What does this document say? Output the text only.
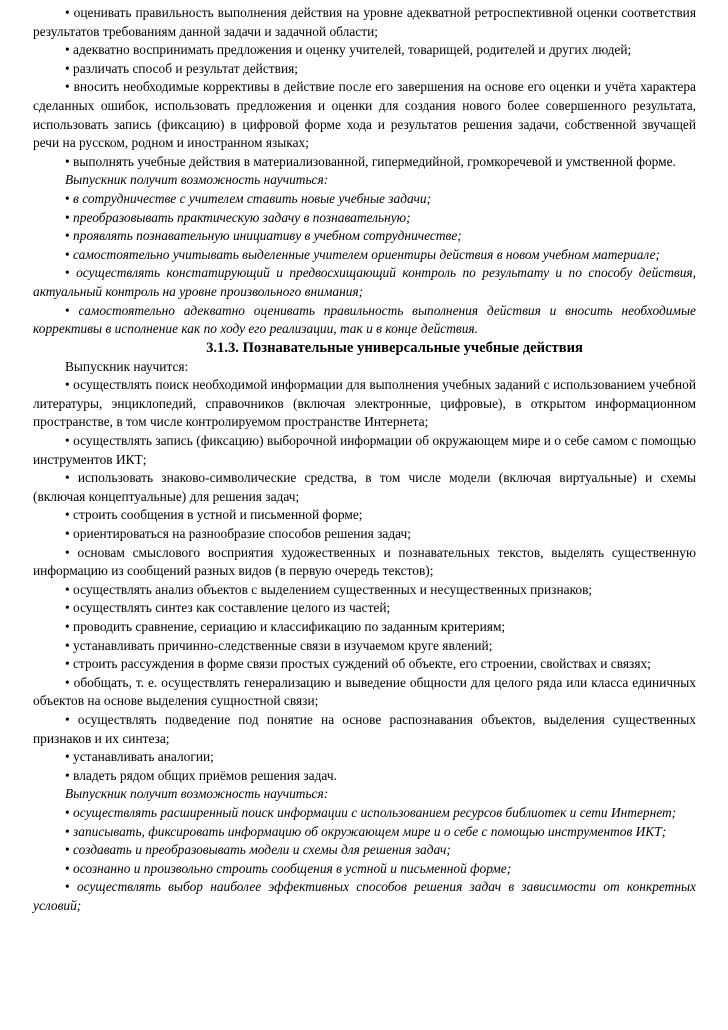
• оценивать правильность выполнения действия на уровне адекватной ретроспективной оценки соответствия результатов требованиям данной задачи и задачной области;

• адекватно воспринимать предложения и оценку учителей, товарищей, родителей и других людей;

• различать способ и результат действия;

• вносить необходимые коррективы в действие после его завершения на основе его оценки и учёта характера сделанных ошибок, использовать предложения и оценки для создания нового более совершенного результата, использовать запись (фиксацию) в цифровой форме хода и результатов решения задачи, собственной звучащей речи на русском, родном и иностранном языках;

• выполнять учебные действия в материализованной, гипермедийной, громкоречевой и умственной форме.

Выпускник получит возможность научиться:

• в сотрудничестве с учителем ставить новые учебные задачи;

• преобразовывать практическую задачу в познавательную;

• проявлять познавательную инициативу в учебном сотрудничестве;

• самостоятельно учитывать выделенные учителем ориентиры действия в новом учебном материале;

• осуществлять констатирующий и предвосхищающий контроль по результату и по способу действия, актуальный контроль на уровне произвольного внимания;

• самостоятельно адекватно оценивать правильность выполнения действия и вносить необходимые коррективы в исполнение как по ходу его реализации, так и в конце действия.

3.1.3. Познавательные универсальные учебные действия

Выпускник научится:

• осуществлять поиск необходимой информации для выполнения учебных заданий с использованием учебной литературы, энциклопедий, справочников (включая электронные, цифровые), в открытом информационном пространстве, в том числе контролируемом пространстве Интернета;

• осуществлять запись (фиксацию) выборочной информации об окружающем мире и о себе самом с помощью инструментов ИКТ;

• использовать знаково-символические средства, в том числе модели (включая виртуальные) и схемы (включая концептуальные) для решения задач;

• строить сообщения в устной и письменной форме;

• ориентироваться на разнообразие способов решения задач;

• основам смыслового восприятия художественных и познавательных текстов, выделять существенную информацию из сообщений разных видов (в первую очередь текстов);

• осуществлять анализ объектов с выделением существенных и несущественных признаков;

• осуществлять синтез как составление целого из частей;

• проводить сравнение, сериацию и классификацию по заданным критериям;

• устанавливать причинно-следственные связи в изучаемом круге явлений;

• строить рассуждения в форме связи простых суждений об объекте, его строении, свойствах и связях;

• обобщать, т. е. осуществлять генерализацию и выведение общности для целого ряда или класса единичных объектов на основе выделения сущностной связи;

• осуществлять подведение под понятие на основе распознавания объектов, выделения существенных признаков и их синтеза;

• устанавливать аналогии;

• владеть рядом общих приёмов решения задач.

Выпускник получит возможность научиться:

• осуществлять расширенный поиск информации с использованием ресурсов библиотек и сети Интернет;

• записывать, фиксировать информацию об окружающем мире и о себе с помощью инструментов ИКТ;

• создавать и преобразовывать модели и схемы для решения задач;

• осознанно и произвольно строить сообщения в устной и письменной форме;

• осуществлять выбор наиболее эффективных способов решения задач в зависимости от конкретных условий;
